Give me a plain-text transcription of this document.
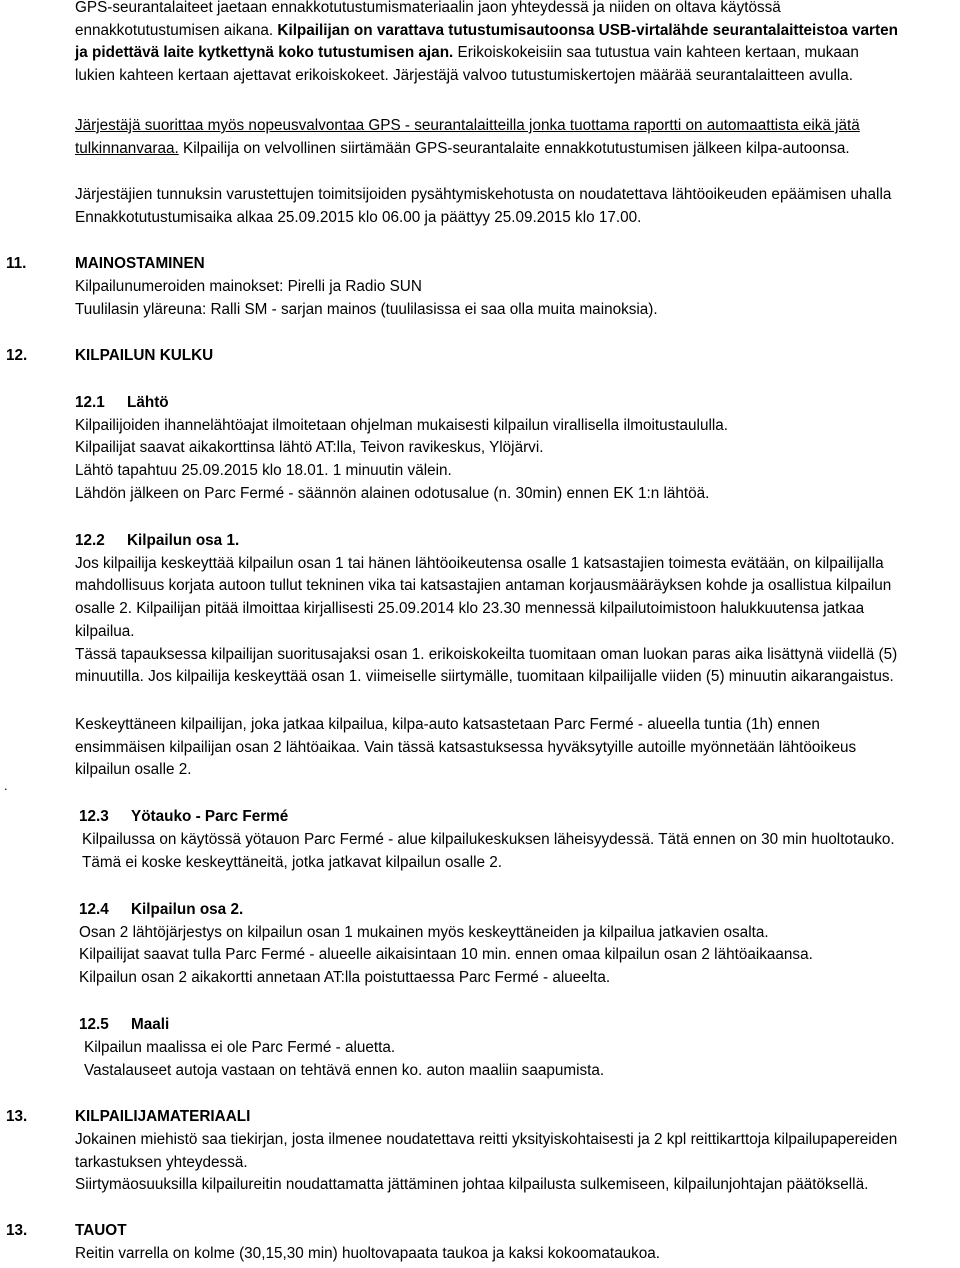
GPS-seurantalaiteet jaetaan ennakkotutustumismateriaalin jaon yhteydessä ja niiden on oltava käytössä
ennakkotutustumisen aikana. Kilpailijan on varattava tutustumisautoonsa USB-virtalähde seurantalaitteistoa varten
ja pidettävä laite kytkettynä koko tutustumisen ajan. Erikoiskokeisiin saa tutustua vain kahteen kertaan, mukaan
lukien kahteen kertaan ajettavat erikoiskokeet. Järjestäjä valvoo tutustumiskertojen määrää seurantalaitteen avulla.
Järjestäjä suorittaa myös nopeusvalvontaa GPS - seurantalaitteilla jonka tuottama raportti on automaattista eikä jätä
tulkinnanvaraa. Kilpailija on velvollinen siirtämään GPS-seurantalaite ennakkotutustumisen jälkeen kilpa-autoonsa.
Järjestäjien tunnuksin varustettujen toimitsijoiden pysähtymiskehotusta on noudatettava lähtöoikeuden epäämisen uhalla
Ennakkotutustumisaika alkaa 25.09.2015 klo 06.00 ja päättyy 25.09.2015 klo 17.00.
11.	MAINOSTAMINEN
Kilpailunumeroiden mainokset: Pirelli ja Radio SUN
Tuulilasin yläreuna: Ralli SM - sarjan mainos (tuulilasissa ei saa olla muita mainoksia).
12.	KILPAILUN KULKU
12.1 Lähtö
Kilpailijoiden ihannelähtöajat ilmoitetaan ohjelman mukaisesti kilpailun virallisella ilmoitustaululla.
Kilpailijat saavat aikakorttinsa lähtö AT:lla, Teivon ravikeskus, Ylöjärvi.
Lähtö tapahtuu 25.09.2015 klo 18.01. 1 minuutin välein.
Lähdön jälkeen on Parc Fermé - säännön alainen odotusalue (n. 30min) ennen EK 1:n lähtöä.
12.2 Kilpailun osa 1.
Jos kilpailija keskeyttää kilpailun osan 1 tai hänen lähtöoikeutensa osalle 1 katsastajien toimesta evätään, on kilpailijalla
mahdollisuus korjata autoon tullut tekninen vika tai katsastajien antaman korjausmääräyksen kohde ja osallistua kilpailun
osalle 2. Kilpailijan pitää ilmoittaa kirjallisesti 25.09.2014 klo 23.30 mennessä kilpailutoimistoon halukkuutensa jatkaa
kilpailua.
Tässä tapauksessa kilpailijan suoritusajaksi osan 1. erikoiskokeilta tuomitaan oman luokan paras aika lisättynä viidellä (5)
minuutilla. Jos kilpailija keskeyttää osan 1. viimeiselle siirtymälle, tuomitaan kilpailijalle viiden (5) minuutin aikarangaistus.
Keskeyttäneen kilpailijan, joka jatkaa kilpailua, kilpa-auto katsastetaan Parc Fermé - alueella tuntia (1h) ennen
ensimmäisen kilpailijan osan 2 lähtöaikaa. Vain tässä katsastuksessa hyväksytyille autoille myönnetään lähtöoikeus
kilpailun osalle 2.
.
12.3 Yötauko - Parc Fermé
Kilpailussa on käytössä yötauon Parc Fermé - alue kilpailukeskuksen läheisyydessä. Tätä ennen on 30 min huoltotauko.
Tämä ei koske keskeyttäneitä, jotka jatkavat kilpailun osalle 2.
12.4 Kilpailun osa 2.
Osan 2 lähtöjärjestys on kilpailun osan 1 mukainen myös keskeyttäneiden ja kilpailua jatkavien osalta.
Kilpailijat saavat tulla Parc Fermé - alueelle aikaisintaan 10 min. ennen omaa kilpailun osan 2 lähtöaikaansa.
Kilpailun osan 2 aikakortti annetaan AT:lla poistuttaessa Parc Fermé - alueelta.
12.5 Maali
Kilpailun maalissa ei ole Parc Fermé - aluetta.
Vastalauseet autoja vastaan on tehtävä ennen ko. auton maaliin saapumista.
13.	KILPAILIJAMATERIAALI
Jokainen miehistö saa tiekirjan, josta ilmenee noudatettava reitti yksityiskohtaisesti ja 2 kpl reittikarttoja kilpailupapereiden
tarkastuksen yhteydessä.
Siirtymäosuuksilla kilpailureitin noudattamatta jättäminen johtaa kilpailusta sulkemiseen, kilpailunjohtajan päätöksellä.
13.	TAUOT
Reitin varrella on kolme (30,15,30 min) huoltovapaata taukoa ja kaksi kokoomataukoa.
